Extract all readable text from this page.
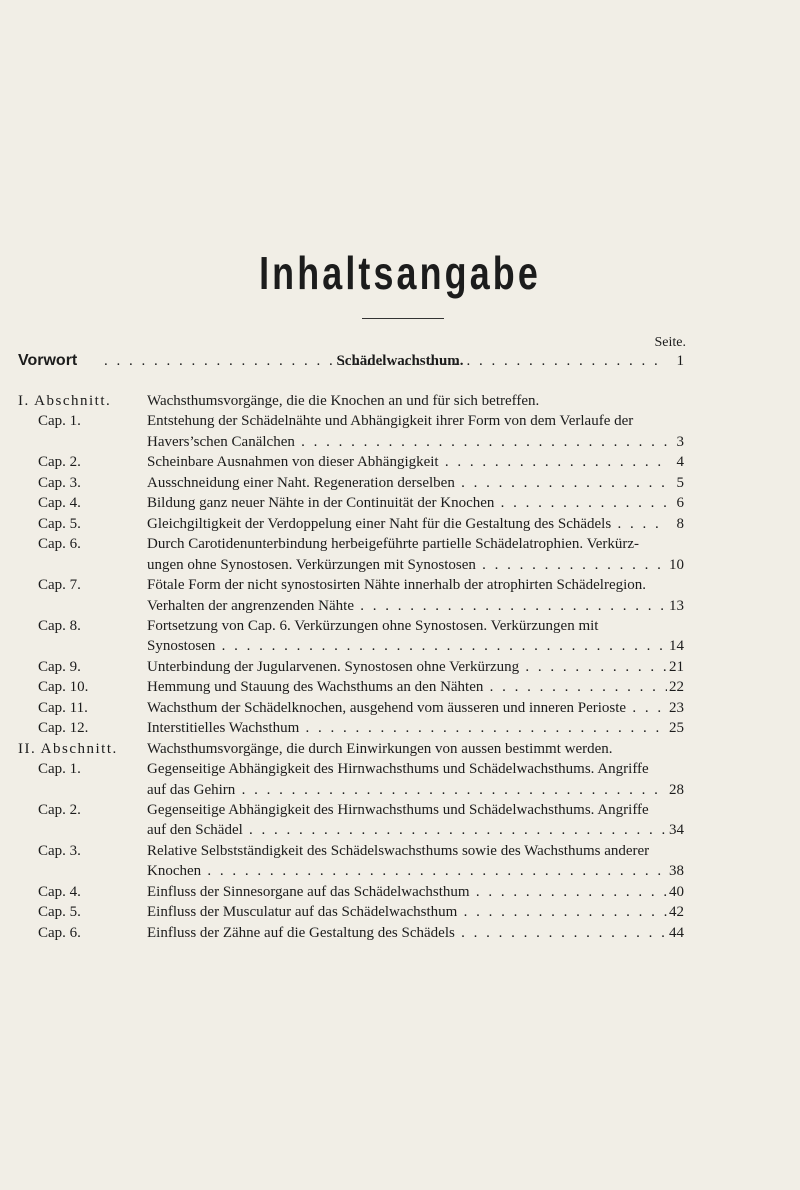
Inhaltsangabe
Seite.
Vorwort . . .	1
Schädelwachsthum.
I. Abschnitt. Wachsthumsvorgänge, die die Knochen an und für sich betreffen.
Cap. 1.	Entstehung der Schädelnähte und Abhängigkeit ihrer Form von dem Verlaufe der
Havers’schen Canälchen . . .	3
Cap. 2.	Scheinbare Ausnahmen von dieser Abhängigkeit . . .	4
Cap. 3.	Ausschneidung einer Naht. Regeneration derselben . . .	5
Cap. 4.	Bildung ganz neuer Nähte in der Continuität der Knochen . . .	6
Cap. 5.	Gleichgiltigkeit der Verdoppelung einer Naht für die Gestaltung des Schädels . . .	8
Cap. 6.	Durch Carotidenunterbindung herbeigeführte partielle Schädelatrophien. Verkürz-
ungen ohne Synostosen. Verkürzungen mit Synostosen . . .	10
Cap. 7.	Fötale Form der nicht synostosirten Nähte innerhalb der atrophirten Schädelregion.
Verhalten der angrenzenden Nähte . . .	13
Cap. 8.	Fortsetzung von Cap. 6. Verkürzungen ohne Synostosen. Verkürzungen mit
Synostosen . . .	14
Cap. 9.	Unterbindung der Jugularvenen. Synostosen ohne Verkürzung . . .	21
Cap. 10.	Hemmung und Stauung des Wachsthums an den Nähten . . .	22
Cap. 11.	Wachsthum der Schädelknochen, ausgehend vom äusseren und inneren Perioste . . .	23
Cap. 12.	Interstitielles Wachsthum . . .	25
II. Abschnitt. Wachsthumsvorgänge, die durch Einwirkungen von aussen bestimmt werden.
Cap. 1.	Gegenseitige Abhängigkeit des Hirnwachsthums und Schädelwachsthums. Angriffe
auf das Gehirn . . .	28
Cap. 2.	Gegenseitige Abhängigkeit des Hirnwachsthums und Schädelwachsthums. Angriffe
auf den Schädel . . .	34
Cap. 3.	Relative Selbstständigkeit des Schädelswachsthums sowie des Wachsthums anderer
Knochen . . .	38
Cap. 4.	Einfluss der Sinnesorgane auf das Schädelwachsthum . . .	40
Cap. 5.	Einfluss der Musculatur auf das Schädelwachsthum . . .	42
Cap. 6.	Einfluss der Zähne auf die Gestaltung des Schädels . . .	44
